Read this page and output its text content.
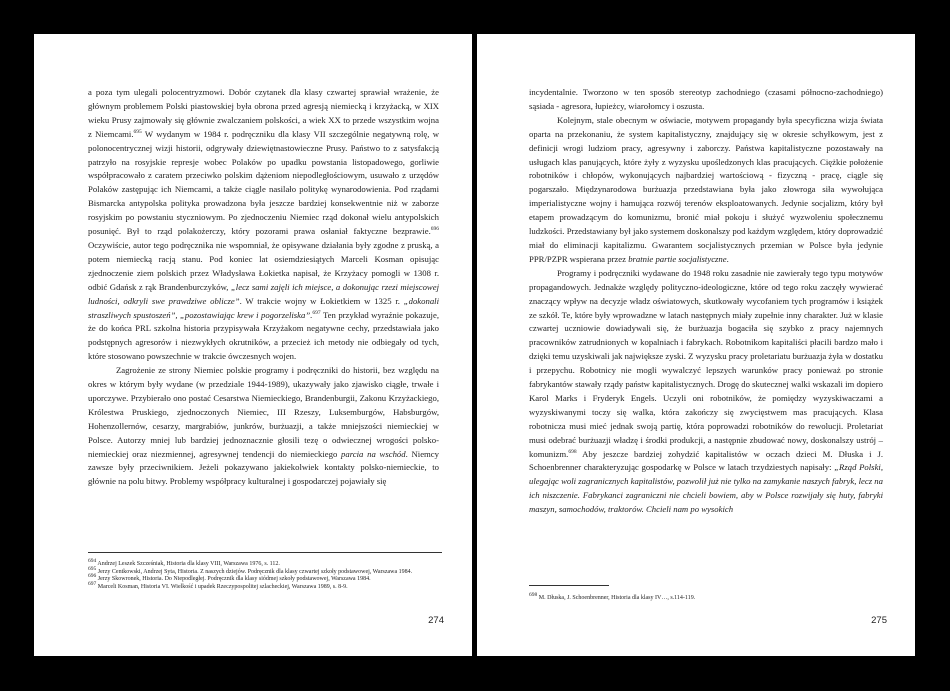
a poza tym ulegali polocentryzmowi. Dobór czytanek dla klasy czwartej sprawiał wrażenie, że głównym problemem Polski piastowskiej była obrona przed agresją niemiecką i krzyżacką, w XIX wieku Prusy zajmowały się głównie zwalczaniem polskości, a wiek XX to przede wszystkim wojna z Niemcami.$^{695}$ W wydanym w 1984 r. podręczniku dla klasy VII szczególnie negatywną rolę, w polonocentrycznej wizji historii, odgrywały dziewiętnastowieczne Prusy. Państwo to z satysfakcją patrzyło na rosyjskie represje wobec Polaków po upadku powstania listopadowego, gorliwie współpracowało z caratem przeciwko polskim dążeniom niepodległościowym, usuwało z urzędów Polaków zastępując ich Niemcami, a także ciągle nasilało politykę wynarodowienia. Pod rządami Bismarcka antypolska polityka prowadzona była jeszcze bardziej konsekwentnie niż w zaborze rosyjskim po powstaniu styczniowym. Po zjednoczeniu Niemiec rząd dokonał wielu antypolskich posunięć. Był to rząd polakożerczy, który pozorami prawa osłaniał faktyczne bezprawie.$^{696}$ Oczywiście, autor tego podręcznika nie wspomniał, że opisywane działania były zgodne z pruską, a potem niemiecką racją stanu. Pod koniec lat osiemdziesiątych Marceli Kosman opisując zjednoczenie ziem polskich przez Władysława Łokietka napisał, że Krzyżacy pomogli w 1308 r. odbić Gdańsk z rąk Brandenburczyków, „lecz sami zajęli ich miejsce, a dokonując rzezi miejscowej ludności, odkryli swe prawdziwe oblicze”. W trakcie wojny w Łokietkiem w 1325 r. „dokonali straszliwych spustoszeń”, „pozostawiając krew i pogorzeliska”.$^{697}$ Ten przykład wyraźnie pokazuje, że do końca PRL szkolna historia przypisywała Krzyżakom negatywne cechy, przedstawiała jako podstępnych agresorów i niezwykłych okrutników, a przecież ich metody nie odbiegały od tych, które stosowano powszechnie w trakcie ówczesnych wojen.

Zagrożenie ze strony Niemiec polskie programy i podręczniki do historii, bez względu na okres w którym były wydane (w przedziale 1944-1989), ukazywały jako zjawisko ciągłe, trwałe i uporczywe. Przybierało ono postać Cesarstwa Niemieckiego, Brandenburgii, Zakonu Krzyżackiego, Królestwa Pruskiego, zjednoczonych Niemiec, III Rzeszy, Luksemburgów, Habsburgów, Hohenzollernów, cesarzy, margrabiów, junkrów, burżuazji, a także mniejszości niemieckiej w Polsce. Autorzy mniej lub bardziej jednoznacznie głosili tezę o odwiecznej wrogości polsko-niemieckiej oraz niezmiennej, agresywnej tendencji do niemieckiego parcia na wschód. Niemcy zawsze były przeciwnikiem. Jeżeli pokazywano jakiekolwiek kontakty polsko-niemieckie, to głównie na polu bitwy. Problemy współpracy kulturalnej i gospodarczej pojawiały się

$^{694}$ Andrzej Leszek Szcześniak, Historia dla klasy VIII, Warszawa 1976, s. 112.

$^{695}$ Jerzy Centkowski, Andrzej Syta, Historia. Z naszych dziejów. Podręcznik dla klasy czwartej szkoły podstawowej, Warszawa 1984.

$^{696}$ Jerzy Skowronek, Historia. Do Niepodległej. Podręcznik dla klasy siódmej szkoły podstawowej, Warszawa 1984.

$^{697}$ Marceli Kosman, Historia VI. Wielkość i upadek Rzeczypospolitej szlacheckiej, Warszawa 1989, s. 8-9.

274

incydentalnie. Tworzono w ten sposób stereotyp zachodniego (czasami północno-zachodniego) sąsiada - agresora, łupieżcy, wiarołomcy i oszusta.

Kolejnym, stale obecnym w oświacie, motywem propagandy była specyficzna wizja świata oparta na przekonaniu, że system kapitalistyczny, znajdujący się w okresie schyłkowym, jest z definicji wrogi ludziom pracy, agresywny i zaborczy. Państwa kapitalistyczne pozostawały na usługach klas panujących, które żyły z wyzysku upośledzonych klas pracujących. Ciężkie położenie robotników i chłopów, wykonujących najbardziej wartościową - fizyczną - pracę, ciągle się pogarszało. Międzynarodowa burżuazja przedstawiana była jako złowroga siła wywołująca imperialistyczne wojny i hamująca rozwój terenów eksploatowanych. Jedynie socjalizm, który był etapem prowadzącym do komunizmu, bronić miał pokoju i służyć wyzwoleniu społecznemu ludzkości. Przedstawiany był jako systemem doskonalszy pod każdym względem, który doprowadzić miał do eliminacji kapitalizmu. Gwarantem socjalistycznych przemian w Polsce była jedynie PPR/PZPR wspierana przez bratnie partie socjalistyczne.

Programy i podręczniki wydawane do 1948 roku zasadnie nie zawierały tego typu motywów propagandowych. Jednakże względy polityczno-ideologiczne, które od tego roku zaczęły wywierać znaczący wpływ na decyzje władz oświatowych, skutkowały wycofaniem tych programów i książek ze szkół. Te, które były wprowadzne w latach następnych miały zupełnie inny charakter. Już w klasie czwartej uczniowie dowiadywali się, że burżuazja bogaciła się szybko z pracy najemnych pracowników zatrudnionych w kopalniach i fabrykach. Robotnikom kapitaliści płacili bardzo mało i dzięki temu uzyskiwali jak największe zyski. Z wyzysku pracy proletariatu burżuazja żyła w dostatku i przepychu. Robotnicy nie mogli wywalczyć lepszych warunków pracy ponieważ po stronie fabrykantów stawały rządy państw kapitalistycznych. Drogę do skutecznej walki wskazali im dopiero Karol Marks i Fryderyk Engels. Uczyli oni robotników, że pomiędzy wyzyskiwaczami a wyzyskiwanymi toczy się walka, która zakończy się zwycięstwem mas pracujących. Klasa robotnicza musi mieć jednak swoją partię, która poprowadzi robotników do rewolucji. Proletariat musi odebrać burżuazji władzę i środki produkcji, a następnie zbudować nowy, doskonalszy ustrój – komunizm.$^{698}$ Aby jeszcze bardziej zohydzić kapitalistów w oczach dzieci M. Dłuska i J. Schoenbrenner charakteryzując gospodarkę w Polsce w latach trzydziestych napisały: „Rząd Polski, ulegając woli zagranicznych kapitalistów, pozwolił już nie tylko na zamykanie naszych fabryk, lecz na ich niszczenie. Fabrykanci zagraniczni nie chcieli bowiem, aby w Polsce rozwijały się huty, fabryki maszyn, samochodów, traktorów. Chcieli nam po wysokich

$^{698}$ M. Dłuska, J. Schoenbrenner, Historia dla klasy IV…, s.114-119.

275
